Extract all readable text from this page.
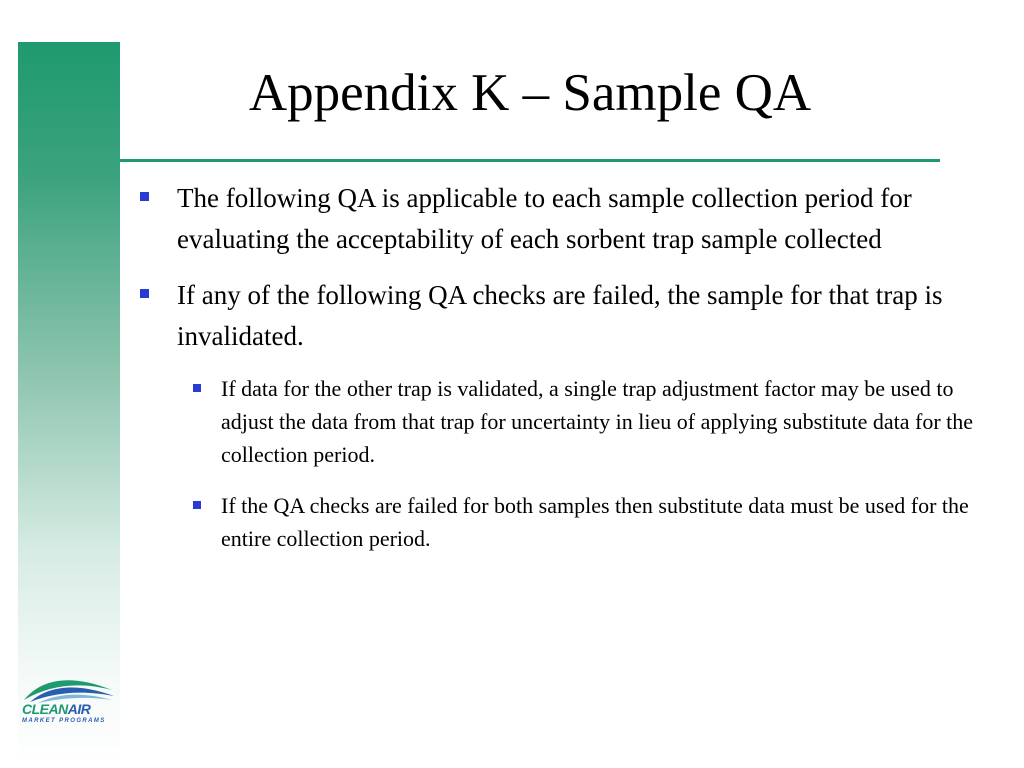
Appendix K – Sample QA
The following QA is applicable to each sample collection period for evaluating the acceptability of each sorbent trap sample collected
If any of the following QA checks are failed, the sample for that trap is invalidated.
If data for the other trap is validated, a single trap adjustment factor may be used to adjust the data from that trap for uncertainty in lieu of applying substitute data for the collection period.
If the QA checks are failed for both samples then substitute data must be used for the entire collection period.
CLEANAIR
MARKET PROGRAMS
